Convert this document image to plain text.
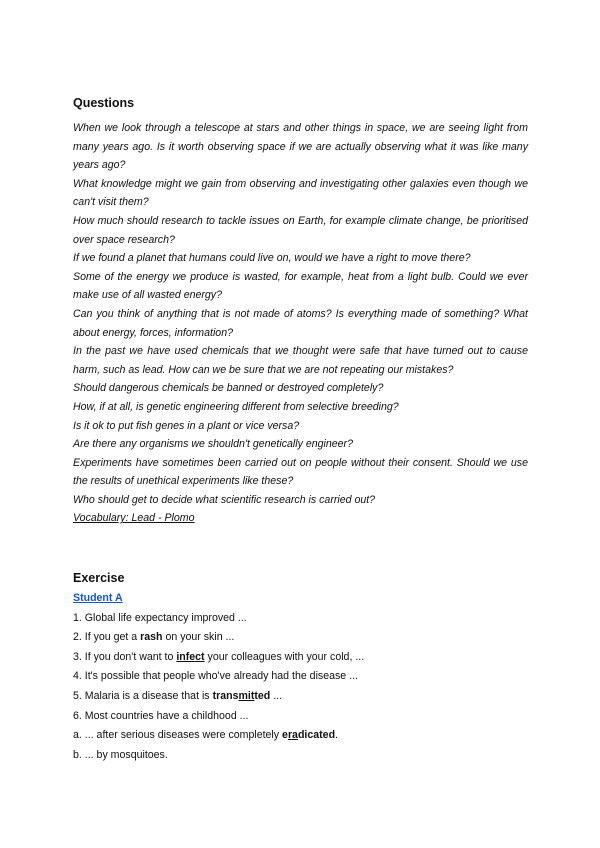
Questions

When we look through a telescope at stars and other things in space, we are seeing light from many years ago. Is it worth observing space if we are actually observing what it was like many years ago?

What knowledge might we gain from observing and investigating other galaxies even though we can't visit them?

How much should research to tackle issues on Earth, for example climate change, be prioritised over space research?

If we found a planet that humans could live on, would we have a right to move there?

Some of the energy we produce is wasted, for example, heat from a light bulb. Could we ever make use of all wasted energy?

Can you think of anything that is not made of atoms? Is everything made of something? What about energy, forces, information?

In the past we have used chemicals that we thought were safe that have turned out to cause harm, such as lead. How can we be sure that we are not repeating our mistakes?

Should dangerous chemicals be banned or destroyed completely?

How, if at all, is genetic engineering different from selective breeding?

Is it ok to put fish genes in a plant or vice versa?

Are there any organisms we shouldn't genetically engineer?

Experiments have sometimes been carried out on people without their consent. Should we use the results of unethical experiments like these?

Who should get to decide what scientific research is carried out?

Vocabulary: Lead - Plomo

Exercise

Student A

1. Global life expectancy improved ...

2. If you get a rash on your skin ...

3. If you don't want to infect your colleagues with your cold, ...

4. It's possible that people who've already had the disease ...

5. Malaria is a disease that is transmitted ...

6. Most countries have a childhood ...

a. ... after serious diseases were completely eradicated.

b. ... by mosquitoes.
